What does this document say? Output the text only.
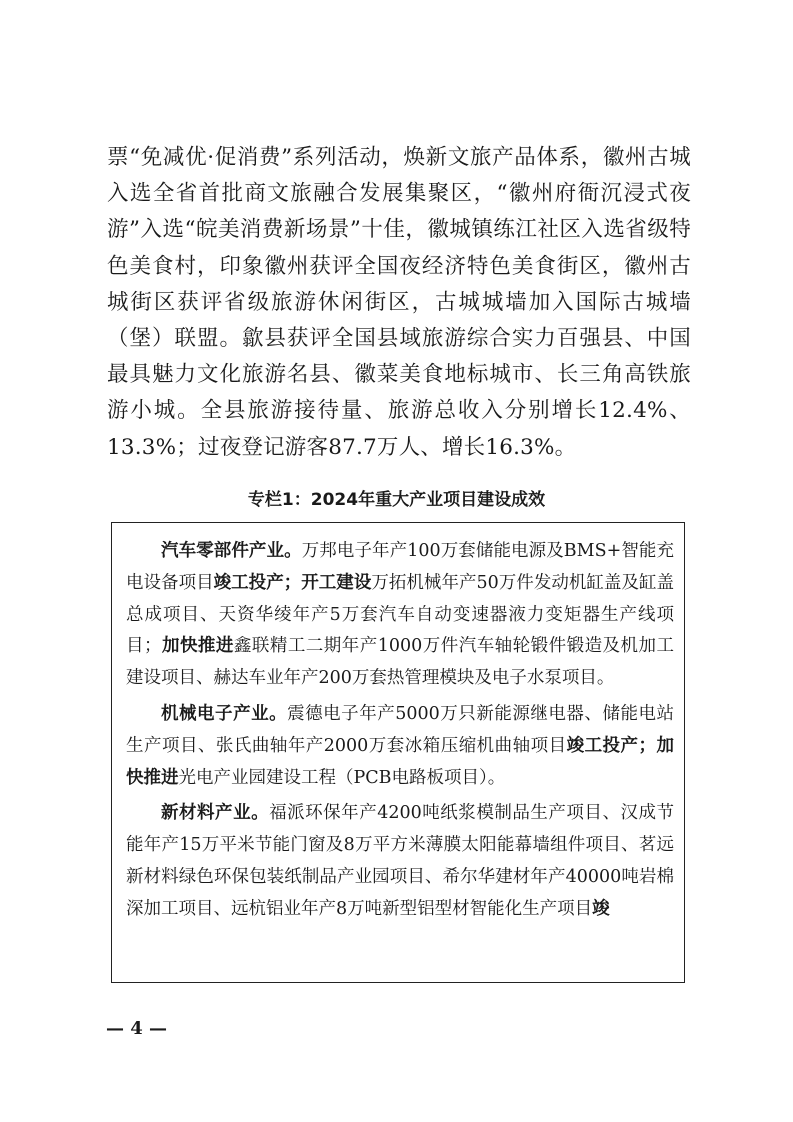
票“免减优·促消费”系列活动，焕新文旅产品体系，徽州古城入选全省首批商文旅融合发展集聚区，“徽州府衙沉浸式夜游”入选“皖美消费新场景”十佳，徽城镇练江社区入选省级特色美食村，印象徽州获评全国夜经济特色美食街区，徽州古城街区获评省级旅游休闲街区，古城城墙加入国际古城墙（堡）联盟。歙县获评全国县域旅游综合实力百强县、中国最具魅力文化旅游名县、徽菜美食地标城市、长三角高铁旅游小城。全县旅游接待量、旅游总收入分别增长12.4%、13.3%；过夜登记游客87.7万人、增长16.3%。

专栏1：2024年重大产业项目建设成效

汽车零部件产业。万邦电子年产100万套储能电源及BMS+智能充电设备项目竣工投产；开工建设万拓机械年产50万件发动机缸盖及缸盖总成项目、天资华绫年产5万套汽车自动变速器液力变矩器生产线项目；加快推进鑫联精工二期年产1000万件汽车轴轮锻件锻造及机加工建设项目、赫达车业年产200万套热管理模块及电子水泵项目。

机械电子产业。震德电子年产5000万只新能源继电器、储能电站生产项目、张氏曲轴年产2000万套冰箱压缩机曲轴项目竣工投产；加快推进光电产业园建设工程（PCB电路板项目）。

新材料产业。福派环保年产4200吨纸浆模制品生产项目、汉成节能年产15万平米节能门窗及8万平方米薄膜太阳能幕墙组件项目、茗远新材料绿色环保包装纸制品产业园项目、希尔华建材年产40000吨岩棉深加工项目、远杭铝业年产8万吨新型铝型材智能化生产项目竣

— 4 —
